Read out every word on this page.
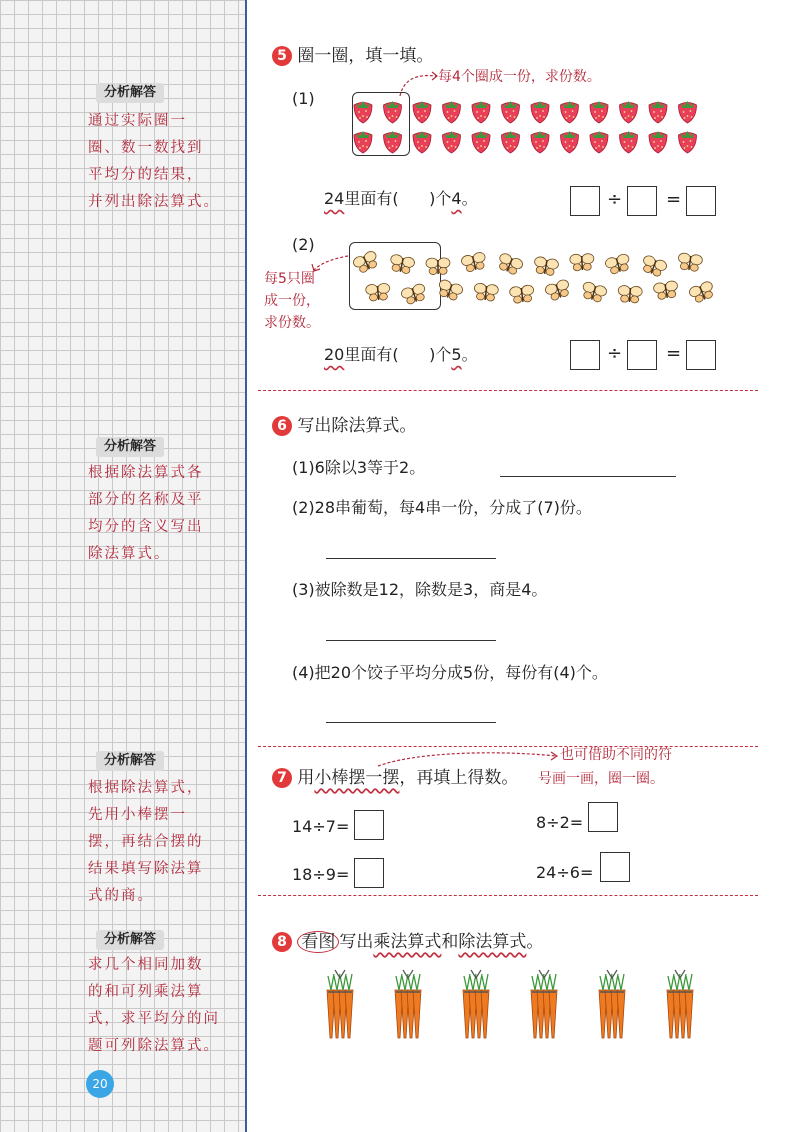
分析解答
通过实际圈一
圈、数一数找到
平均分的结果，
并列出除法算式。
分析解答
根据除法算式各
部分的名称及平
均分的含义写出
除法算式。
分析解答
根据除法算式，
先用小棒摆一
摆，再结合摆的
结果填写除法算
式的商。
分析解答
求几个相同加数
的和可列乘法算
式，求平均分的问
题可列除法算式。
20
5 圈一圈，填一填。
(1)
每4个圈成一份，求份数。
24里面有( )个4。	÷ =
(2)
每5只圈
成一份，
求份数。
20里面有( )个5。	÷ =
6 写出除法算式。
(1)6除以3等于2。
(2)28串葡萄，每4串一份，分成了(7)份。
(3)被除数是12，除数是3，商是4。
(4)把20个饺子平均分成5份，每份有(4)个。
7 用小棒摆一摆，再填上得数。
也可借助不同的符
号画一画，圈一圈。
14÷7=	8÷2=
18÷9=	24÷6=
8 看图 写出乘法算式和除法算式。
